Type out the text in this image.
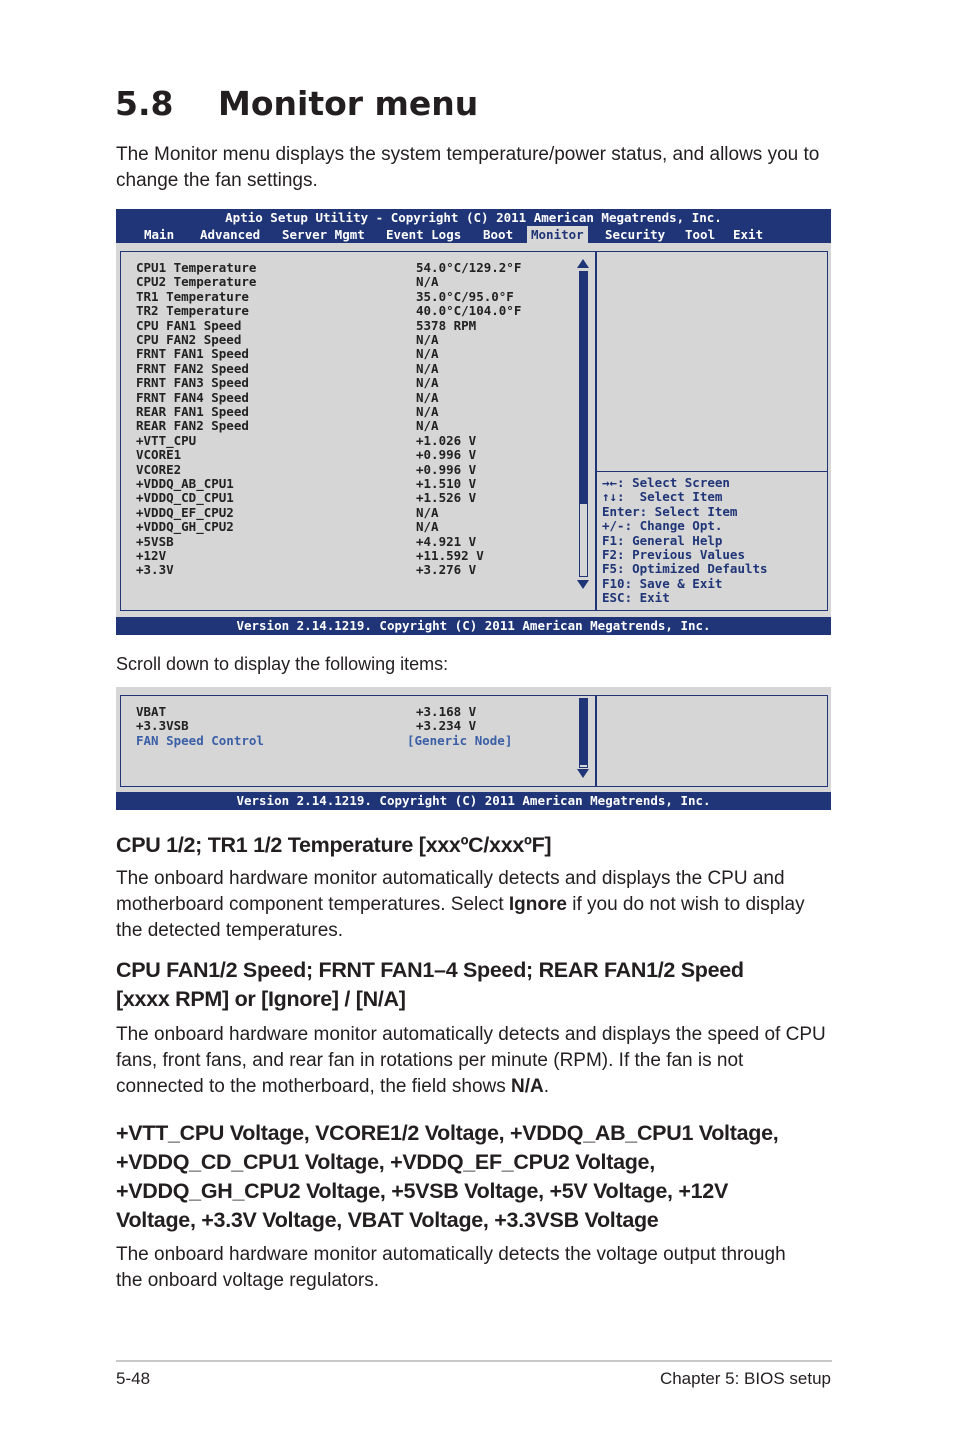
5.8 Monitor menu

The Monitor menu displays the system temperature/power status, and allows you to change the fan settings.

Aptio Setup Utility - Copyright (C) 2011 American Megatrends, Inc.
Main	Advanced	Server Mgmt	Event Logs	Boot	Monitor	Security	Tool	Exit
CPU1 Temperature	54.0°C/129.2°F
CPU2 Temperature	N/A
TR1 Temperature	35.0°C/95.0°F
TR2 Temperature	40.0°C/104.0°F
CPU FAN1 Speed	5378 RPM
CPU FAN2 Speed	N/A
FRNT FAN1 Speed	N/A
FRNT FAN2 Speed	N/A
FRNT FAN3 Speed	N/A
FRNT FAN4 Speed	N/A
REAR FAN1 Speed	N/A
REAR FAN2 Speed	N/A
+VTT_CPU	+1.026 V
VCORE1	+0.996 V
VCORE2	+0.996 V
+VDDQ_AB_CPU1	+1.510 V
+VDDQ_CD_CPU1	+1.526 V
+VDDQ_EF_CPU2	N/A
+VDDQ_GH_CPU2	N/A
+5VSB	+4.921 V
+12V	+11.592 V
+3.3V	+3.276 V
→←: Select Screen
↑↓:  Select Item
Enter: Select Item
+/-: Change Opt.
F1: General Help
F2: Previous Values
F5: Optimized Defaults
F10: Save & Exit
ESC: Exit
Version 2.14.1219. Copyright (C) 2011 American Megatrends, Inc.
Scroll down to display the following items:
VBAT	+3.168 V
+3.3VSB	+3.234 V
FAN Speed Control	[Generic Node]
Version 2.14.1219. Copyright (C) 2011 American Megatrends, Inc.
CPU 1/2; TR1 1/2 Temperature [xxxºC/xxxºF]

The onboard hardware monitor automatically detects and displays the CPU and motherboard component temperatures. Select Ignore if you do not wish to display the detected temperatures.

CPU FAN1/2 Speed; FRNT FAN1–4 Speed; REAR FAN1/2 Speed [xxxx RPM] or [Ignore] / [N/A]

The onboard hardware monitor automatically detects and displays the speed of CPU fans, front fans, and rear fan in rotations per minute (RPM). If the fan is not connected to the motherboard, the field shows N/A.

+VTT_CPU Voltage, VCORE1/2 Voltage, +VDDQ_AB_CPU1 Voltage, +VDDQ_CD_CPU1 Voltage, +VDDQ_EF_CPU2 Voltage, +VDDQ_GH_CPU2 Voltage, +5VSB Voltage, +5V Voltage, +12V Voltage, +3.3V Voltage, VBAT Voltage, +3.3VSB Voltage

The onboard hardware monitor automatically detects the voltage output through the onboard voltage regulators.

5-48	Chapter 5: BIOS setup
